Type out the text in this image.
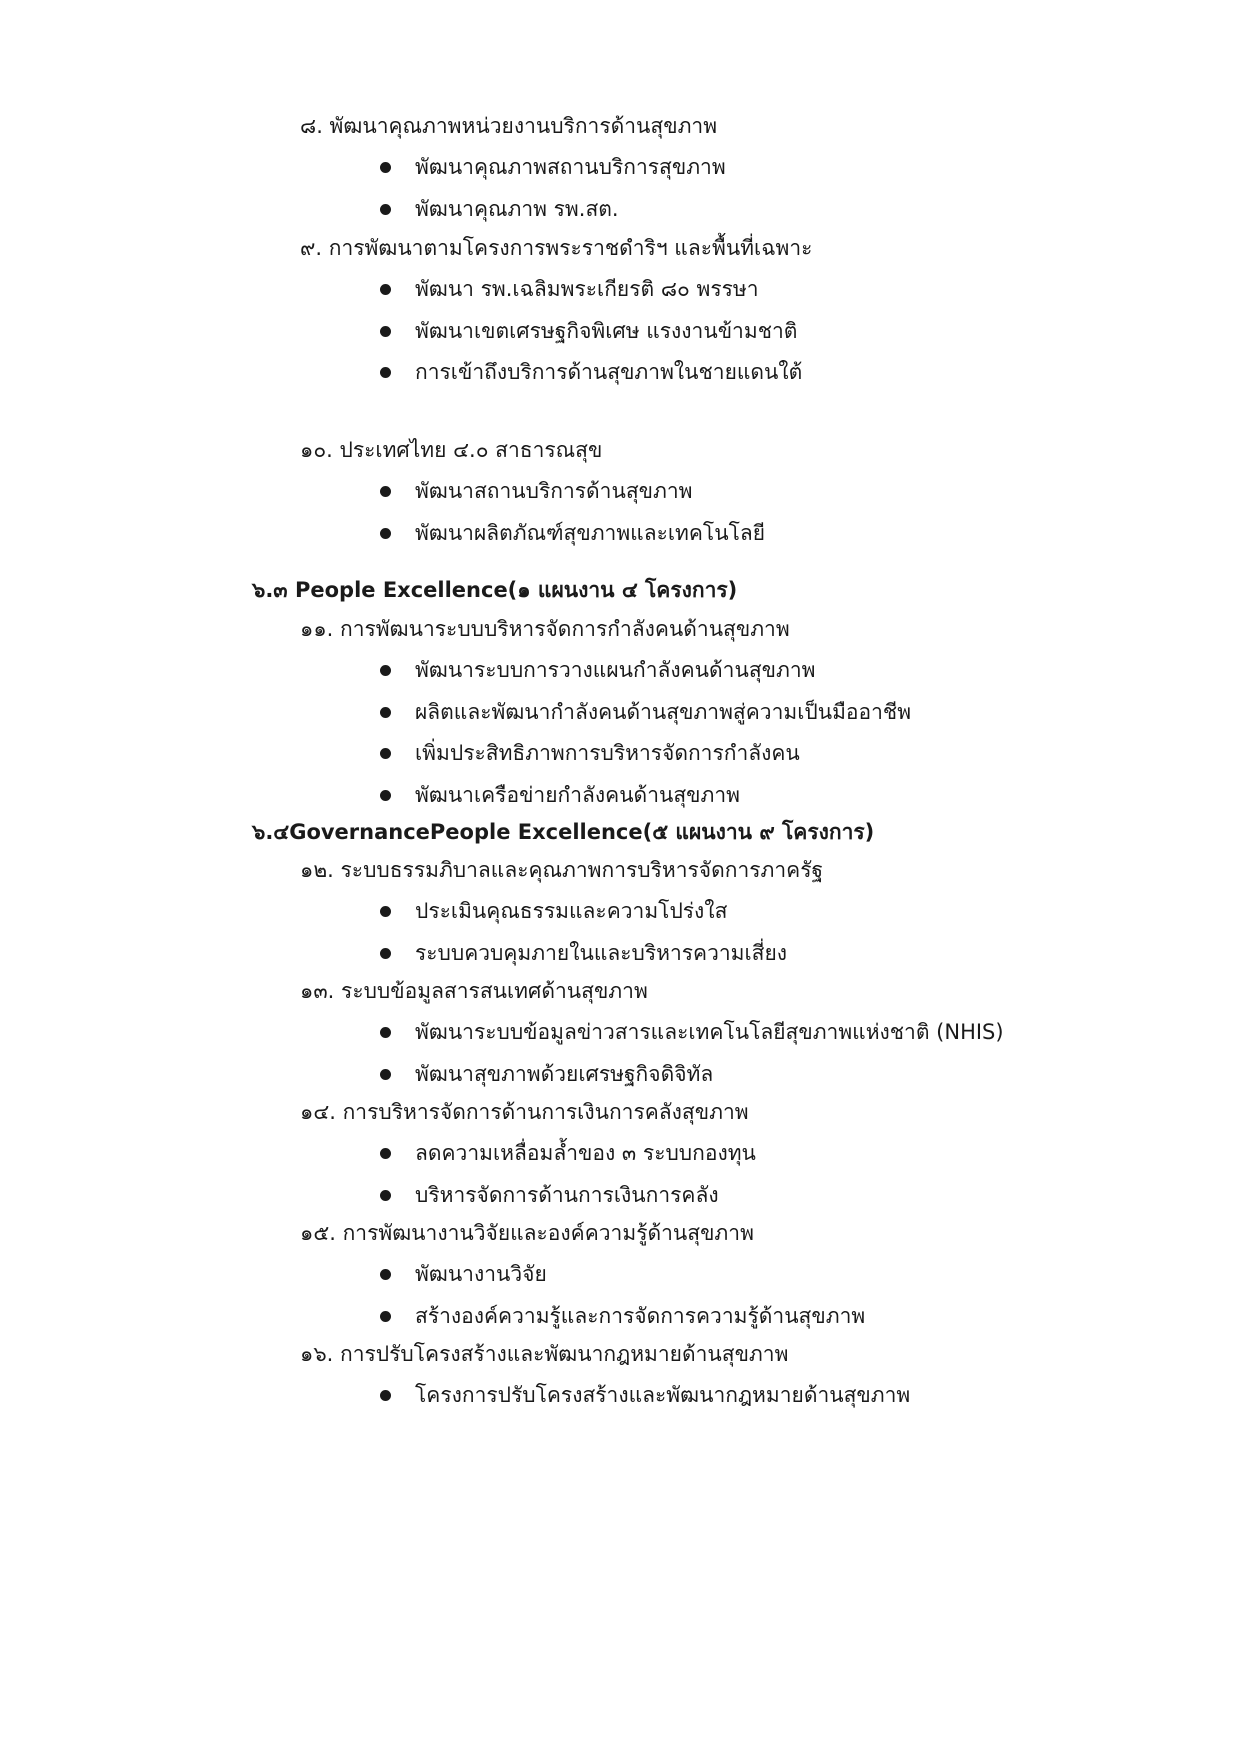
๘. พัฒนาคุณภาพหน่วยงานบริการด้านสุขภาพ
พัฒนาคุณภาพสถานบริการสุขภาพ
พัฒนาคุณภาพ รพ.สต.
๙. การพัฒนาตามโครงการพระราชดำริฯ และพื้นที่เฉพาะ
พัฒนา รพ.เฉลิมพระเกียรติ ๘๐ พรรษา
พัฒนาเขตเศรษฐกิจพิเศษ แรงงานข้ามชาติ
การเข้าถึงบริการด้านสุขภาพในชายแดนใต้
๑๐. ประเทศไทย ๔.๐ สาธารณสุข
พัฒนาสถานบริการด้านสุขภาพ
พัฒนาผลิตภัณฑ์สุขภาพและเทคโนโลยี
๖.๓ People Excellence(๑ แผนงาน ๔ โครงการ)
๑๑. การพัฒนาระบบบริหารจัดการกำลังคนด้านสุขภาพ
พัฒนาระบบการวางแผนกำลังคนด้านสุขภาพ
ผลิตและพัฒนากำลังคนด้านสุขภาพสู่ความเป็นมืออาชีพ
เพิ่มประสิทธิภาพการบริหารจัดการกำลังคน
พัฒนาเครือข่ายกำลังคนด้านสุขภาพ
๖.๔GovernancePeople Excellence(๕ แผนงาน ๙ โครงการ)
๑๒. ระบบธรรมภิบาลและคุณภาพการบริหารจัดการภาครัฐ
ประเมินคุณธรรมและความโปร่งใส
ระบบควบคุมภายในและบริหารความเสี่ยง
๑๓. ระบบข้อมูลสารสนเทศด้านสุขภาพ
พัฒนาระบบข้อมูลข่าวสารและเทคโนโลยีสุขภาพแห่งชาติ (NHIS)
พัฒนาสุขภาพด้วยเศรษฐกิจดิจิทัล
๑๔. การบริหารจัดการด้านการเงินการคลังสุขภาพ
ลดความเหลื่อมล้ำของ ๓ ระบบกองทุน
บริหารจัดการด้านการเงินการคลัง
๑๕. การพัฒนางานวิจัยและองค์ความรู้ด้านสุขภาพ
พัฒนางานวิจัย
สร้างองค์ความรู้และการจัดการความรู้ด้านสุขภาพ
๑๖. การปรับโครงสร้างและพัฒนากฎหมายด้านสุขภาพ
โครงการปรับโครงสร้างและพัฒนากฎหมายด้านสุขภาพ
